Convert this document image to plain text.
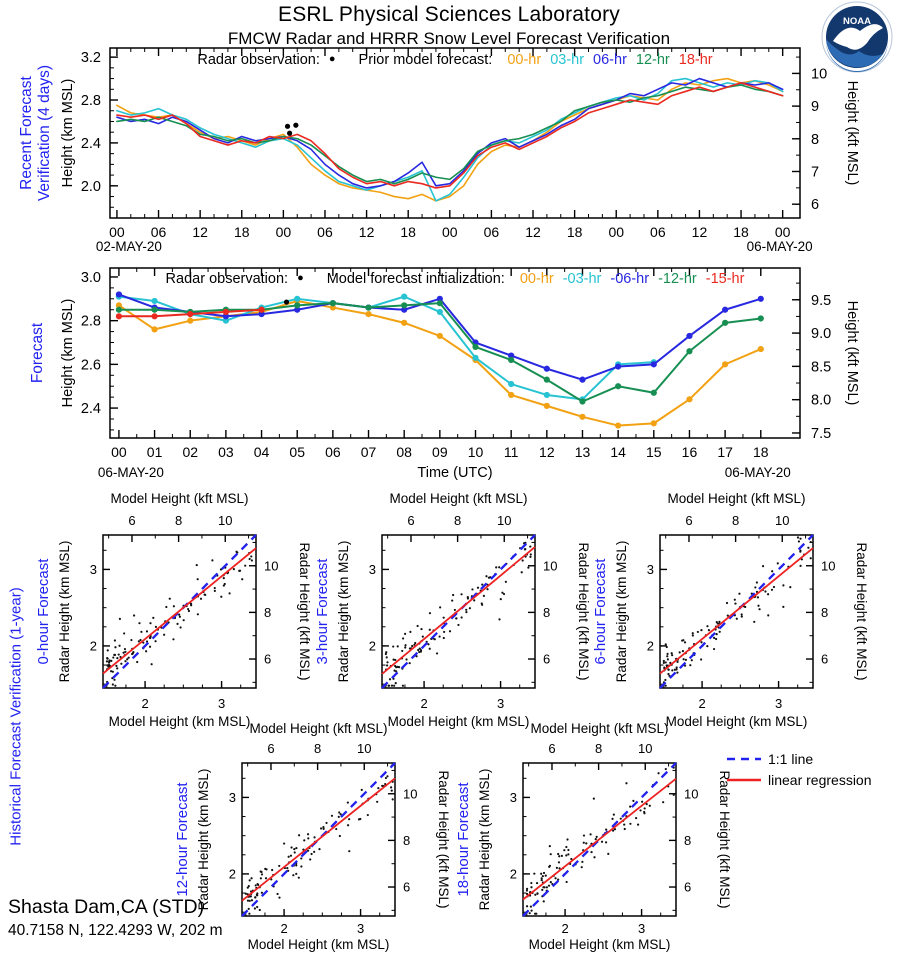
ESRL Physical Sciences Laboratory
FMCW Radar and HRRR Snow Level Forecast Verification
NOAA
00 06 12 18 00 06 12 18 00 06 12 18 00 06 12 18 00
3.2
2.8
2.4
2.0
10
9
8
7
6
02-MAY-20	06-MAY-20
Height (km MSL)	Height (kft MSL)
00 01 02 03 04 05 06 07 08 09 10 11 12 13 14 15 16 17 18
3.0
2.8
2.6
2.4
9.5
9.0
8.5
8.0
7.5
06-MAY-20	06-MAY-20
Time (UTC)
Height (km MSL)	Height (kft MSL)
2
2
3
3
6
6
8
8
10
10
Model Height (kft MSL)
Model Height (km MSL)
Radar Height (km MSL)	Radar Height (kft MSL)
0-hour Forecast
2
2
3
3
6
6
8
8
10
10
Model Height (kft MSL)
Model Height (km MSL)
Radar Height (km MSL)	Radar Height (kft MSL)
3-hour Forecast
2
2
3
3
6
6
8
8
10
10
Model Height (kft MSL)
Model Height (km MSL)
Radar Height (km MSL)	Radar Height (kft MSL)
6-hour Forecast
2
2
3
3
6
6
8
8
10
10
Model Height (kft MSL)
Model Height (km MSL)
Radar Height (km MSL)	Radar Height (kft MSL)
12-hour Forecast
2
2
3
3
6
6
8
8
10
10
Model Height (kft MSL)
Model Height (km MSL)
Radar Height (km MSL)	Radar Height (kft MSL)
18-hour Forecast
Radar observation: ● Prior model forecast: 00-hr 03-hr 06-hr 12-hr 18-hr
Radar observation: ● Model forecast initialization: 00-hr -03-hr -06-hr -12-hr -15-hr
Recent Forecast Verification (4 days)
Forecast
Historical Forecast Verification (1-year)	1:1 line
linear regression
Shasta Dam,CA (STD)
40.7158 N, 122.4293 W, 202 m
